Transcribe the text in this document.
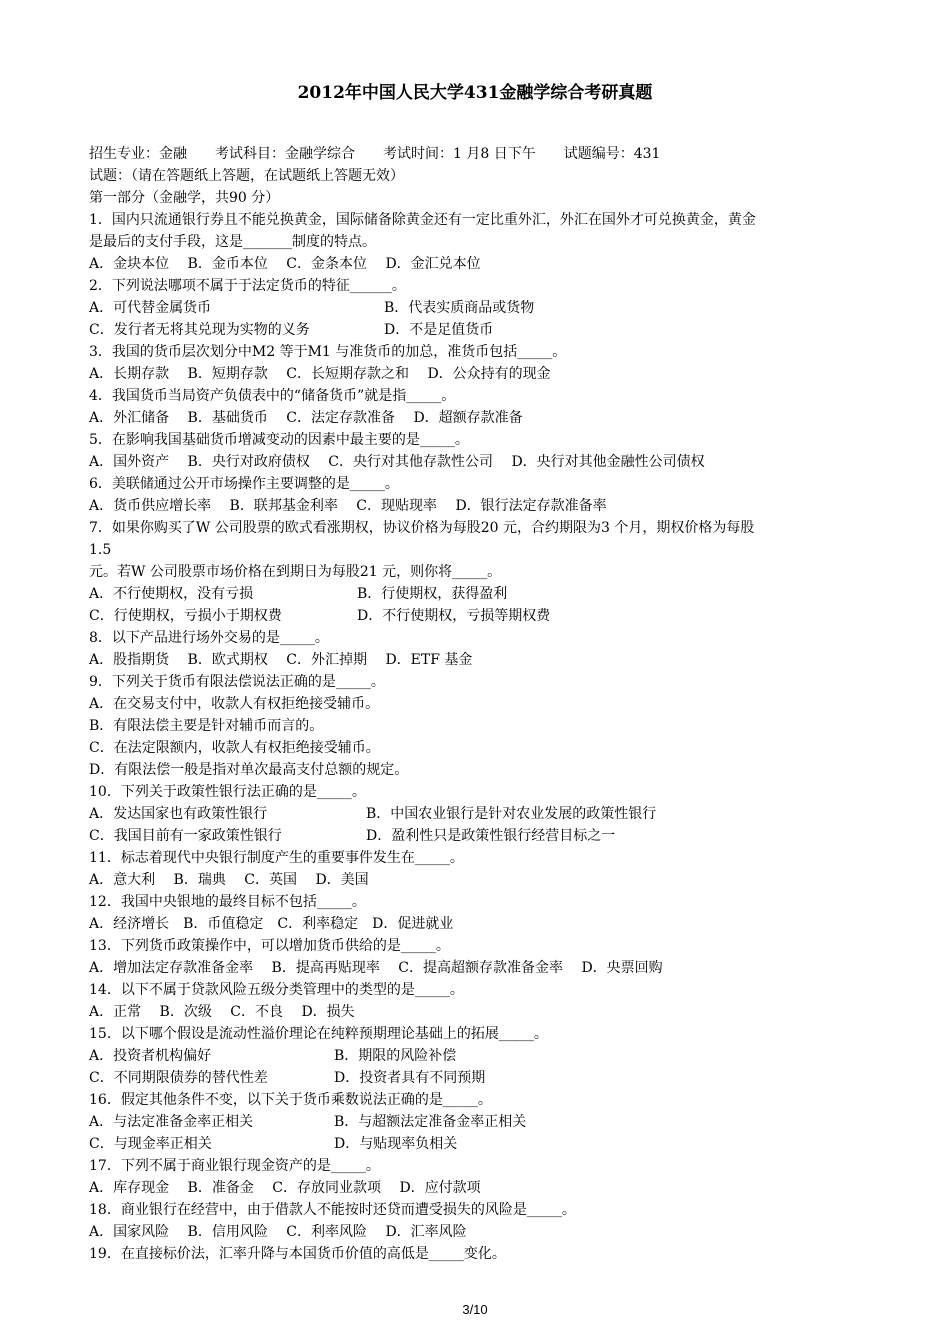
2012年中国人民大学431金融学综合考研真题
招生专业：金融　　考试科目：金融学综合　　考试时间：1 月8 日下午　　试题编号：431
试题：（请在答题纸上答题，在试题纸上答题无效）
第一部分（金融学，共90 分）
1．国内只流通银行券且不能兑换黄金，国际储备除黄金还有一定比重外汇，外汇在国外才可兑换黄金，黄金
是最后的支付手段，这是_______制度的特点。
A．金块本位　 B．金币本位　 C．金条本位　 D．金汇兑本位
2．下列说法哪项不属于于法定货币的特征______。
A．可代替金属货币	B．代表实质商品或货物
C．发行者无将其兑现为实物的义务	D．不是足值货币
3．我国的货币层次划分中M2 等于M1 与准货币的加总，准货币包括_____。
A．长期存款　 B．短期存款　 C．长短期存款之和　 D．公众持有的现金
4．我国货币当局资产负债表中的“储备货币”就是指_____。
A．外汇储备　 B．基础货币　 C．法定存款准备　 D．超额存款准备
5．在影响我国基础货币增减变动的因素中最主要的是_____。
A．国外资产　 B．央行对政府债权　 C．央行对其他存款性公司　 D．央行对其他金融性公司债权
6．美联储通过公开市场操作主要调整的是_____。
A．货币供应增长率　 B．联邦基金利率　 C．现贴现率　 D．银行法定存款准备率
7．如果你购买了W 公司股票的欧式看涨期权，协议价格为每股20 元，合约期限为3 个月，期权价格为每股
1.5
元。若W 公司股票市场价格在到期日为每股21 元，则你将_____。
A．不行使期权，没有亏损	B．行使期权，获得盈利
C．行使期权，亏损小于期权费	D．不行使期权，亏损等期权费
8．以下产品进行场外交易的是_____。
A．股指期货　 B．欧式期权　 C．外汇掉期　 D．ETF 基金
9．下列关于货币有限法偿说法正确的是_____。
A．在交易支付中，收款人有权拒绝接受辅币。
B．有限法偿主要是针对辅币而言的。
C．在法定限额内，收款人有权拒绝接受辅币。
D．有限法偿一般是指对单次最高支付总额的规定。
10．下列关于政策性银行法正确的是_____。
A．发达国家也有政策性银行	B．中国农业银行是针对农业发展的政策性银行
C．我国目前有一家政策性银行	D．盈利性只是政策性银行经营目标之一
11．标志着现代中央银行制度产生的重要事件发生在_____。
A．意大利　 B．瑞典　 C．英国　 D．美国
12．我国中央银地的最终目标不包括_____。
A．经济增长　B．币值稳定　C．利率稳定　D．促进就业
13．下列货币政策操作中，可以增加货币供给的是_____。
A．增加法定存款准备金率　 B．提高再贴现率　 C．提高超额存款准备金率　 D．央票回购
14．以下不属于贷款风险五级分类管理中的类型的是_____。
A．正常　 B．次级　 C．不良　 D．损失
15．以下哪个假设是流动性溢价理论在纯粹预期理论基础上的拓展_____。
A．投资者机构偏好	B．期限的风险补偿
C．不同期限债券的替代性差	D．投资者具有不同预期
16．假定其他条件不变，以下关于货币乘数说法正确的是_____。
A．与法定准备金率正相关	B．与超额法定准备金率正相关
C．与现金率正相关	D．与贴现率负相关
17．下列不属于商业银行现金资产的是_____。
A．库存现金　 B．准备金　 C．存放同业款项　 D．应付款项
18．商业银行在经营中，由于借款人不能按时还贷而遭受损失的风险是_____。
A．国家风险　 B．信用风险　 C．利率风险　 D．汇率风险
19．在直接标价法，汇率升降与本国货币价值的高低是_____变化。
3/10
